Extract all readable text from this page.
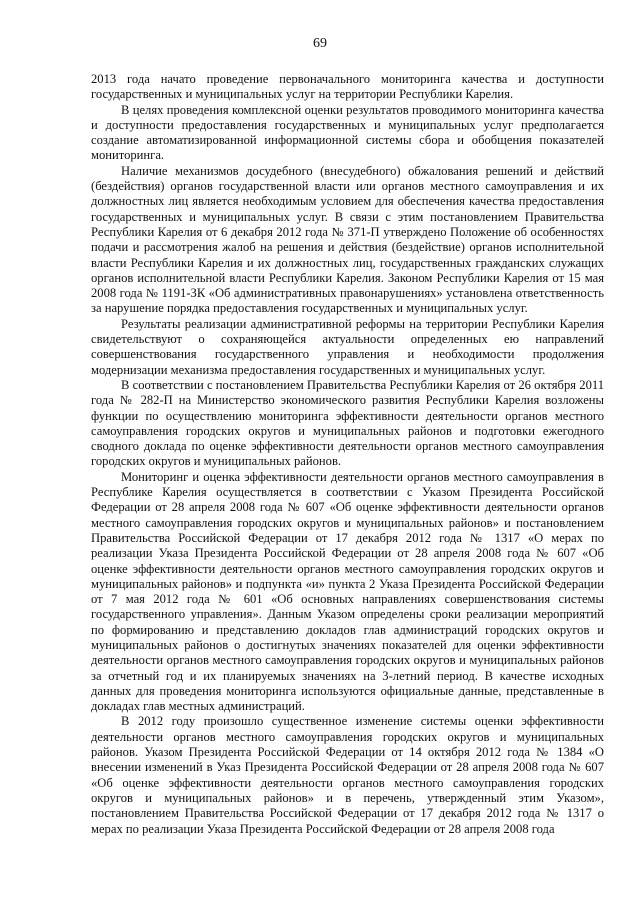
69

2013 года начато проведение первоначального мониторинга качества и доступности государственных и муниципальных услуг на территории Республики Карелия.

В целях проведения комплексной оценки результатов проводимого мониторинга качества и доступности предоставления государственных и муниципальных услуг предполагается создание автоматизированной информационной системы сбора и обобщения показателей мониторинга.

Наличие механизмов досудебного (внесудебного) обжалования решений и действий (бездействия) органов государственной власти или органов местного самоуправления и их должностных лиц является необходимым условием для обеспечения качества предоставления государственных и муниципальных услуг. В связи с этим постановлением Правительства Республики Карелия от 6 декабря 2012 года № 371-П утверждено Положение об особенностях подачи и рассмотрения жалоб на решения и действия (бездействие) органов исполнительной власти Республики Карелия и их должностных лиц, государственных гражданских служащих органов исполнительной власти Республики Карелия. Законом Республики Карелия от 15 мая 2008 года № 1191-ЗК «Об административных правонарушениях» установлена ответственность за нарушение порядка предоставления государственных и муниципальных услуг.

Результаты реализации административной реформы на территории Республики Карелия свидетельствуют о сохраняющейся актуальности определенных ею направлений совершенствования государственного управления и необходимости продолжения модернизации механизма предоставления государственных и муниципальных услуг.

В соответствии с постановлением Правительства Республики Карелия от 26 октября 2011 года № 282-П на Министерство экономического развития Республики Карелия возложены функции по осуществлению мониторинга эффективности деятельности органов местного самоуправления городских округов и муниципальных районов и подготовки ежегодного сводного доклада по оценке эффективности деятельности органов местного самоуправления городских округов и муниципальных районов.

Мониторинг и оценка эффективности деятельности органов местного самоуправления в Республике Карелия осуществляется в соответствии с Указом Президента Российской Федерации от 28 апреля 2008 года № 607 «Об оценке эффективности деятельности органов местного самоуправления городских округов и муниципальных районов» и постановлением Правительства Российской Федерации от 17 декабря 2012 года № 1317 «О мерах по реализации Указа Президента Российской Федерации от 28 апреля 2008 года № 607 «Об оценке эффективности деятельности органов местного самоуправления городских округов и муниципальных районов» и подпункта «и» пункта 2 Указа Президента Российской Федерации от 7 мая 2012 года № 601 «Об основных направлениях совершенствования системы государственного управления». Данным Указом определены сроки реализации мероприятий по формированию и представлению докладов глав администраций городских округов и муниципальных районов о достигнутых значениях показателей для оценки эффективности деятельности органов местного самоуправления городских округов и муниципальных районов за отчетный год и их планируемых значениях на 3-летний период. В качестве исходных данных для проведения мониторинга используются официальные данные, представленные в докладах глав местных администраций.

В 2012 году произошло существенное изменение системы оценки эффективности деятельности органов местного самоуправления городских округов и муниципальных районов. Указом Президента Российской Федерации от 14 октября 2012 года № 1384 «О внесении изменений в Указ Президента Российской Федерации от 28 апреля 2008 года № 607 «Об оценке эффективности деятельности органов местного самоуправления городских округов и муниципальных районов» и в перечень, утвержденный этим Указом», постановлением Правительства Российской Федерации от 17 декабря 2012 года № 1317 о мерах по реализации Указа Президента Российской Федерации от 28 апреля 2008 года
